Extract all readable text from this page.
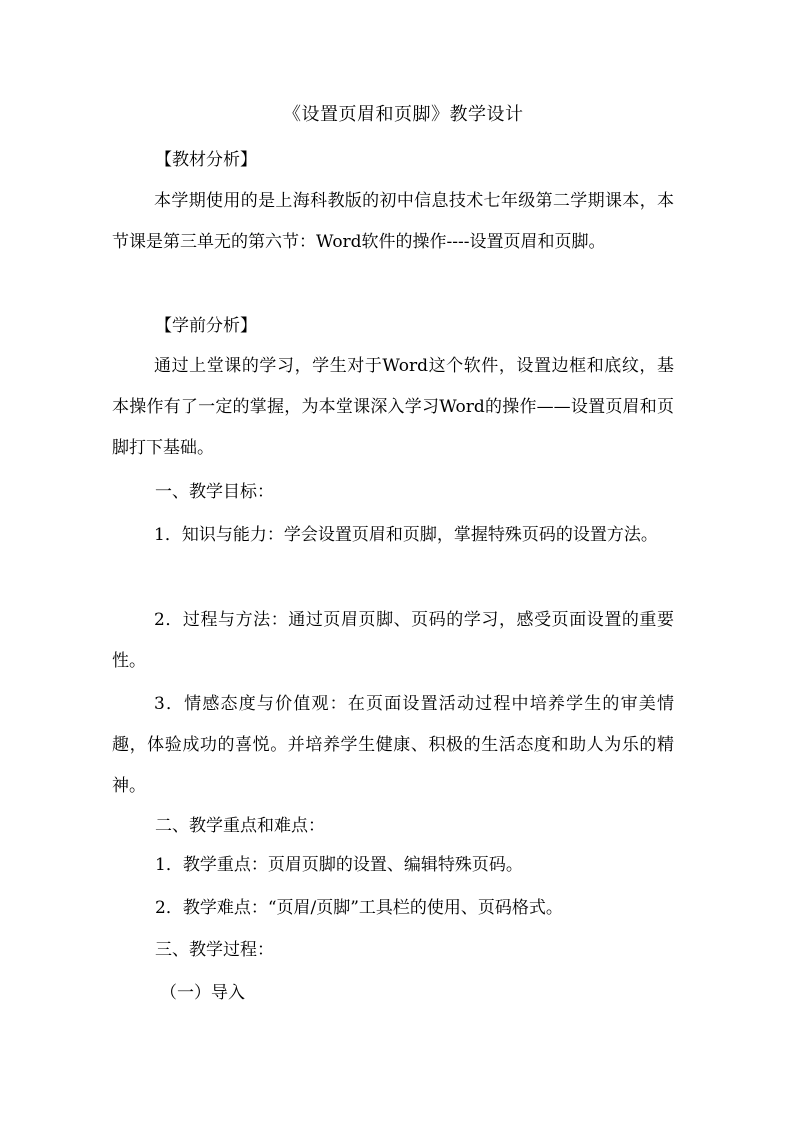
《设置页眉和页脚》教学设计

【教材分析】

本学期使用的是上海科教版的初中信息技术七年级第二学期课本，本节课是第三单无的第六节：Word软件的操作----设置页眉和页脚。

【学前分析】

通过上堂课的学习，学生对于Word这个软件，设置边框和底纹，基本操作有了一定的掌握，为本堂课深入学习Word的操作——设置页眉和页脚打下基础。

一、教学目标：

1．知识与能力：学会设置页眉和页脚，掌握特殊页码的设置方法。

2．过程与方法：通过页眉页脚、页码的学习，感受页面设置的重要性。

3．情感态度与价值观：在页面设置活动过程中培养学生的审美情趣，体验成功的喜悦。并培养学生健康、积极的生活态度和助人为乐的精神。

二、教学重点和难点：

1．教学重点：页眉页脚的设置、编辑特殊页码。

2．教学难点：“页眉/页脚”工具栏的使用、页码格式。

三、教学过程：

（一）导入
